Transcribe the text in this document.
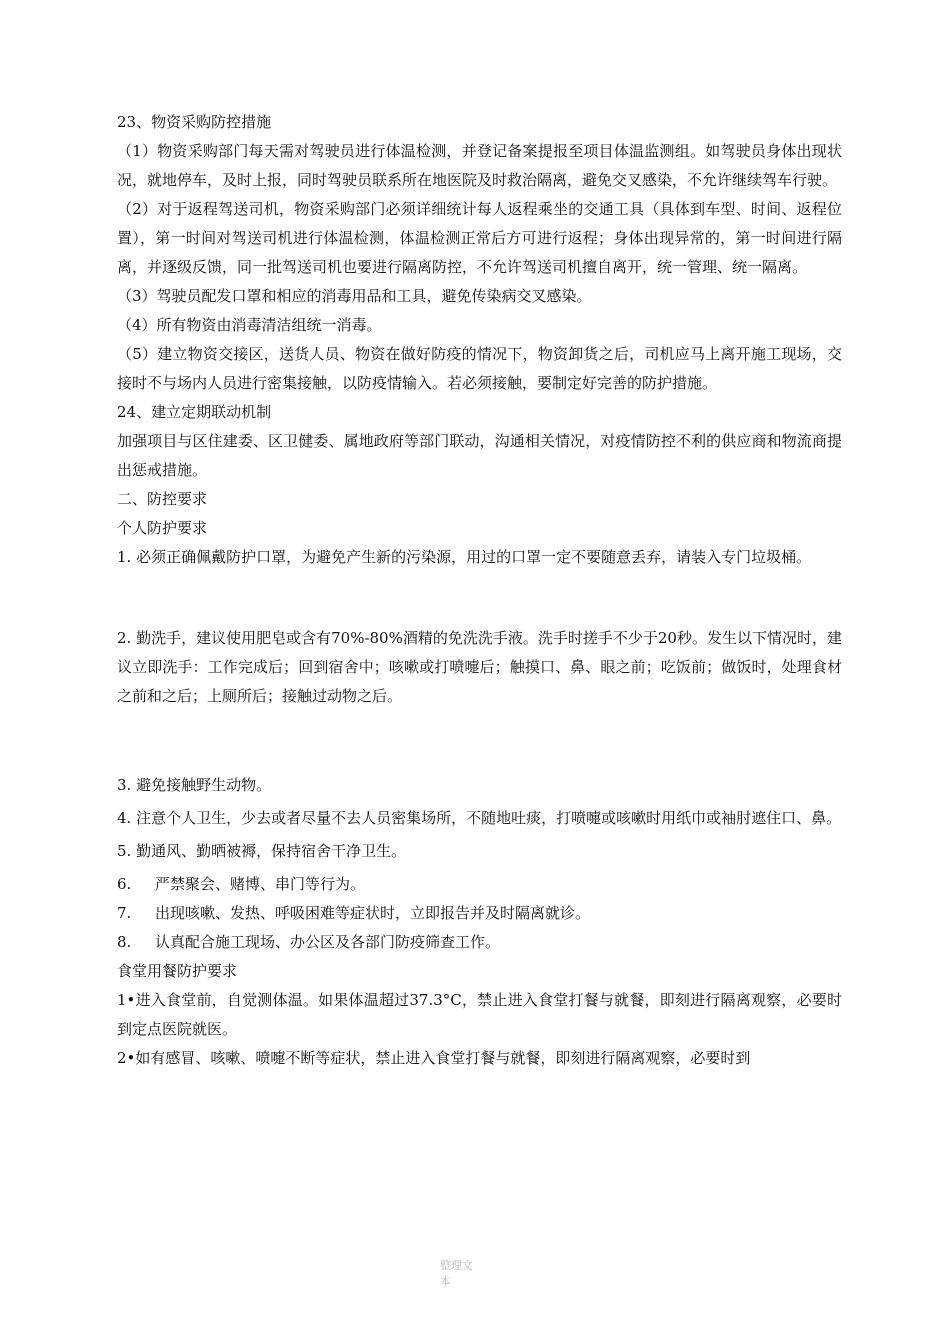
23、物资采购防控措施

（1）物资采购部门每天需对驾驶员进行体温检测，并登记备案提报至项目体温监测组。如驾驶员身体出现状况，就地停车，及时上报，同时驾驶员联系所在地医院及时救治隔离，避免交叉感染，不允许继续驾车行驶。

（2）对于返程驾送司机，物资采购部门必须详细统计每人返程乘坐的交通工具（具体到车型、时间、返程位置），第一时间对驾送司机进行体温检测，体温检测正常后方可进行返程；身体出现异常的，第一时间进行隔离，并逐级反馈，同一批驾送司机也要进行隔离防控，不允许驾送司机擅自离开，统一管理、统一隔离。

（3）驾驶员配发口罩和相应的消毒用品和工具，避免传染病交叉感染。

（4）所有物资由消毒清洁组统一消毒。

（5）建立物资交接区，送货人员、物资在做好防疫的情况下，物资卸货之后，司机应马上离开施工现场，交接时不与场内人员进行密集接触，以防疫情输入。若必须接触，要制定好完善的防护措施。

24、建立定期联动机制

加强项目与区住建委、区卫健委、属地政府等部门联动，沟通相关情况，对疫情防控不利的供应商和物流商提出惩戒措施。

二、防控要求

个人防护要求

1. 必须正确佩戴防护口罩，为避免产生新的污染源，用过的口罩一定不要随意丢弃，请装入专门垃圾桶。

2. 勤洗手，建议使用肥皂或含有70%-80%酒精的免洗洗手液。洗手时搓手不少于20秒。发生以下情况时，建议立即洗手：工作完成后；回到宿舍中；咳嗽或打喷嚏后；触摸口、鼻、眼之前；吃饭前；做饭时，处理食材之前和之后；上厕所后；接触过动物之后。

3. 避免接触野生动物。

4. 注意个人卫生，少去或者尽量不去人员密集场所，不随地吐痰，打喷嚏或咳嗽时用纸巾或袖肘遮住口、鼻。

5. 勤通风、勤晒被褥，保持宿舍干净卫生。

6.	严禁聚会、赌博、串门等行为。
7.	出现咳嗽、发热、呼吸困难等症状时，立即报告并及时隔离就诊。
8.	认真配合施工现场、办公区及各部门防疫筛查工作。

食堂用餐防护要求

1•进入食堂前，自觉测体温。如果体温超过37.3°C，禁止进入食堂打餐与就餐，即刻进行隔离观察，必要时到定点医院就医。

2•如有感冒、咳嗽、喷嚏不断等症状，禁止进入食堂打餐与就餐，即刻进行隔离观察，必要时到

整理文本
